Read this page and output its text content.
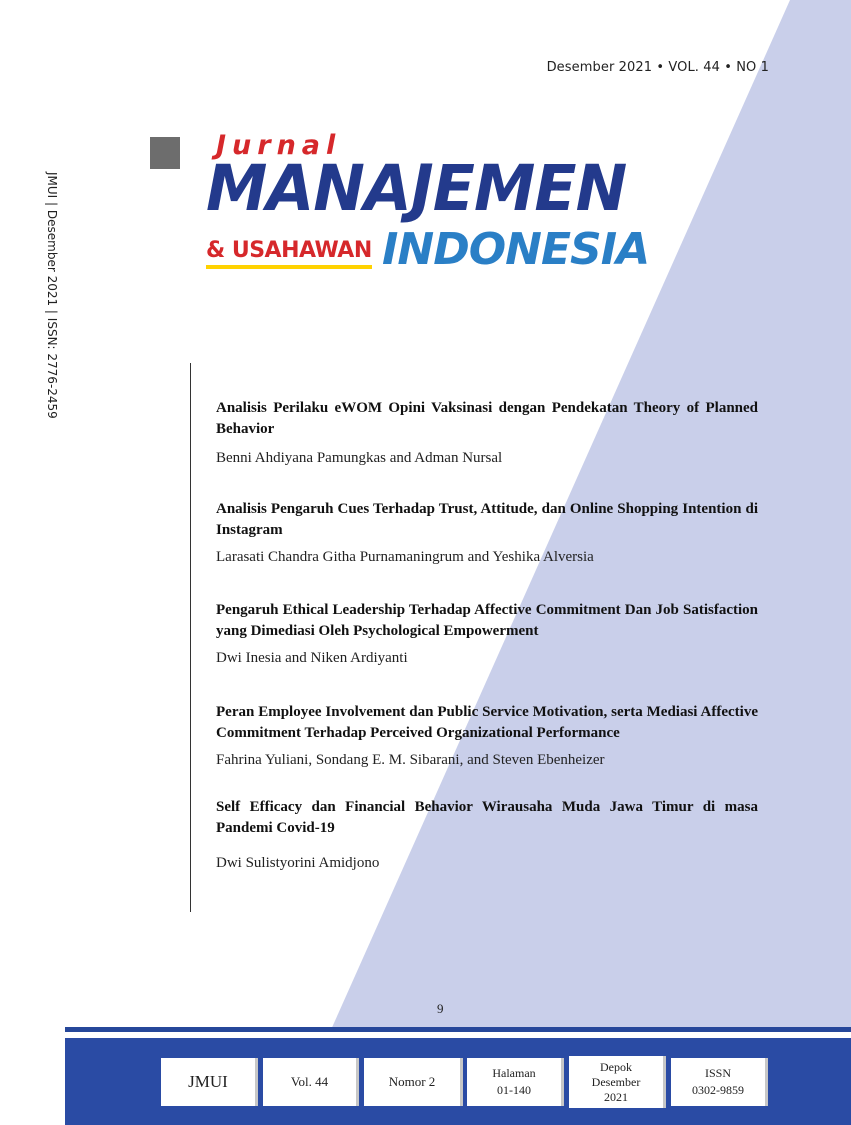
Desember 2021 • VOL. 44 • NO 1
JMUI | Desember 2021 | ISSN: 2776-2459
Jurnal
MANAJEMEN
& USAHAWAN INDONESIA

Analisis Perilaku eWOM Opini Vaksinasi dengan Pendekatan Theory of Planned Behavior

Benni Ahdiyana Pamungkas and Adman Nursal

Analisis Pengaruh Cues Terhadap Trust, Attitude, dan Online Shopping Intention di Instagram

Larasati Chandra Githa Purnamaningrum and Yeshika Alversia

Pengaruh Ethical Leadership Terhadap Affective Commitment Dan Job Satisfaction yang Dimediasi Oleh Psychological Empowerment

Dwi Inesia and Niken Ardiyanti

Peran Employee Involvement dan Public Service Motivation, serta Mediasi Affective Commitment Terhadap Perceived Organizational Performance

Fahrina Yuliani, Sondang E. M. Sibarani, and Steven Ebenheizer

Self Efficacy dan Financial Behavior Wirausaha Muda Jawa Timur di masa Pandemi Covid-19

Dwi Sulistyorini Amidjono

9
JMUI	Vol. 44	Nomor 2
Halaman
01-140
Depok
Desember
2021
ISSN
0302-9859
